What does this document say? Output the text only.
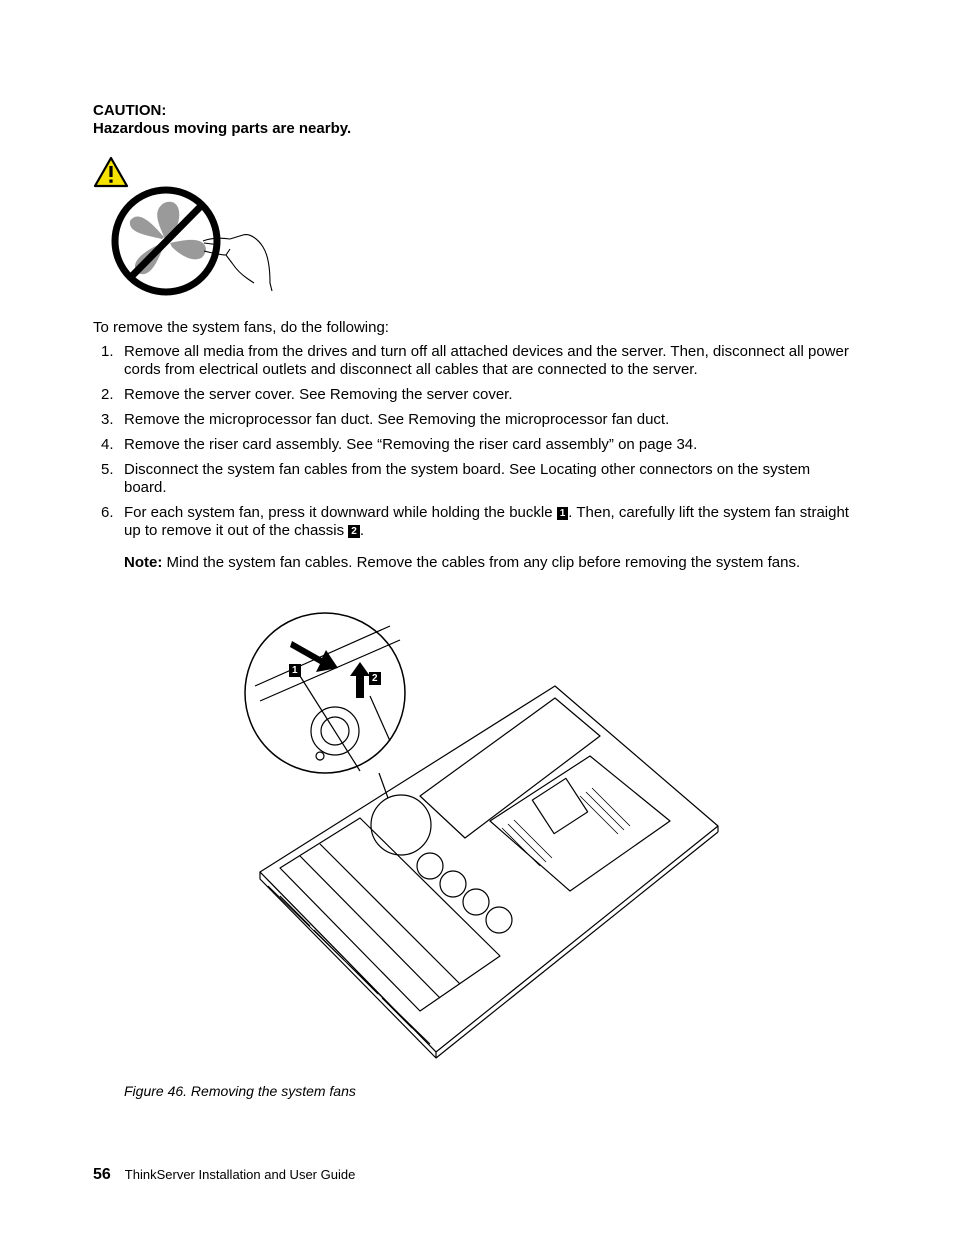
CAUTION:
Hazardous moving parts are nearby.
To remove the system fans, do the following:
1. Remove all media from the drives and turn off all attached devices and the server. Then, disconnect all power cords from electrical outlets and disconnect all cables that are connected to the server.
2. Remove the server cover. See Removing the server cover.
3. Remove the microprocessor fan duct. See Removing the microprocessor fan duct.
4. Remove the riser card assembly. See “Removing the riser card assembly” on page 34.
5. Disconnect the system fan cables from the system board. See Locating other connectors on the system board.
6. For each system fan, press it downward while holding the buckle 1 . Then, carefully lift the system fan straight up to remove it out of the chassis 2 .
Note: Mind the system fan cables. Remove the cables from any clip before removing the system fans.
1
2
Figure 46. Removing the system fans
56 ThinkServer Installation and User Guide
